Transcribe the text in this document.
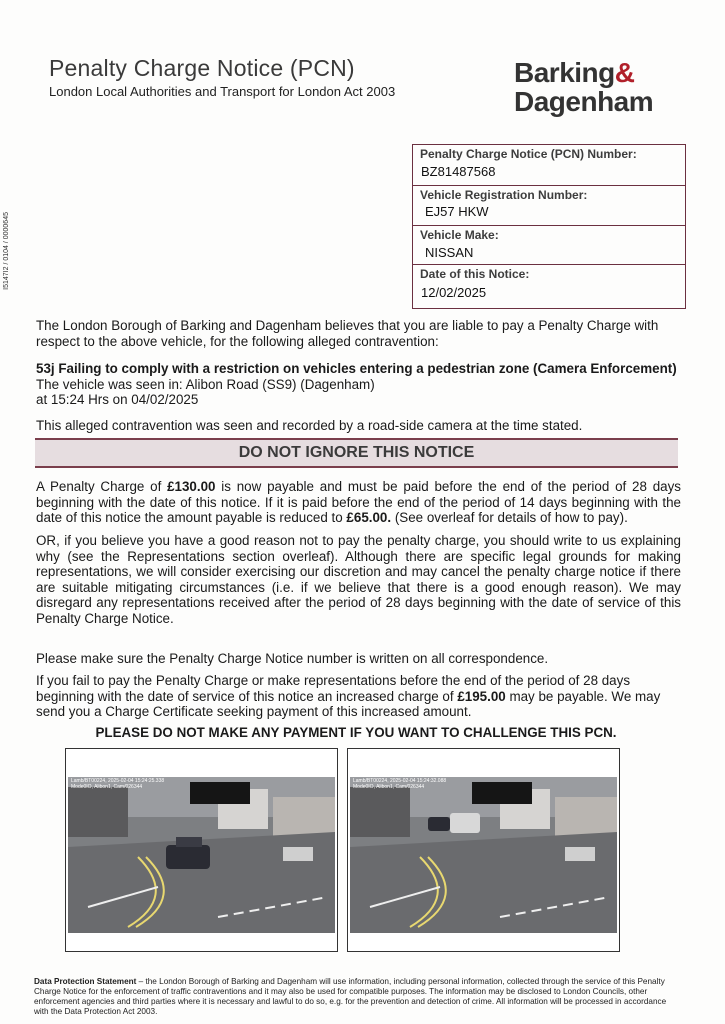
Penalty Charge Notice (PCN)
London Local Authorities and Transport for London Act 2003
Barking&
Dagenham
I5147I2 / 0104 / 0000645
Penalty Charge Notice (PCN) Number:
BZ81487568
Vehicle Registration Number:
EJ57 HKW
Vehicle Make:
NISSAN
Date of this Notice:
12/02/2025
The London Borough of Barking and Dagenham believes that you are liable to pay a Penalty Charge with respect to the above vehicle, for the following alleged contravention:
53j Failing to comply with a restriction on vehicles entering a pedestrian zone (Camera Enforcement)
The vehicle was seen in: Alibon Road (SS9) (Dagenham)
at 15:24 Hrs on 04/02/2025
This alleged contravention was seen and recorded by a road-side camera at the time stated.
DO NOT IGNORE THIS NOTICE
A Penalty Charge of £130.00 is now payable and must be paid before the end of the period of 28 days beginning with the date of this notice. If it is paid before the end of the period of 14 days beginning with the date of this notice the amount payable is reduced to £65.00. (See overleaf for details of how to pay).
OR, if you believe you have a good reason not to pay the penalty charge, you should write to us explaining why (see the Representations section overleaf). Although there are specific legal grounds for making representations, we will consider exercising our discretion and may cancel the penalty charge notice if there are suitable mitigating circumstances (i.e. if we believe that there is a good enough reason). We may disregard any representations received after the period of 28 days beginning with the date of service of this Penalty Charge Notice.
Please make sure the Penalty Charge Notice number is written on all correspondence.
If you fail to pay the Penalty Charge or make representations before the end of the period of 28 days beginning with the date of service of this notice an increased charge of £195.00 may be payable. We may send you a Charge Certificate seeking payment of this increased amount.
PLEASE DO NOT MAKE ANY PAYMENT IF YOU WANT TO CHALLENGE THIS PCN.
Lamb/BT00224, 2025-02-04 15:24:25.338
Mode0IO, Alibon1, Cam/026344
Lamb/BT00224, 2025-02-04 15:24:32.088
Mode0IO, Alibon1, Cam/026344
Data Protection Statement – the London Borough of Barking and Dagenham will use information, including personal information, collected through the service of this Penalty Charge Notice for the enforcement of traffic contraventions and it may also be used for compatible purposes. The information may be disclosed to London Councils, other enforcement agencies and third parties where it is necessary and lawful to do so, e.g. for the prevention and detection of crime. All information will be processed in accordance with the Data Protection Act 2003.
